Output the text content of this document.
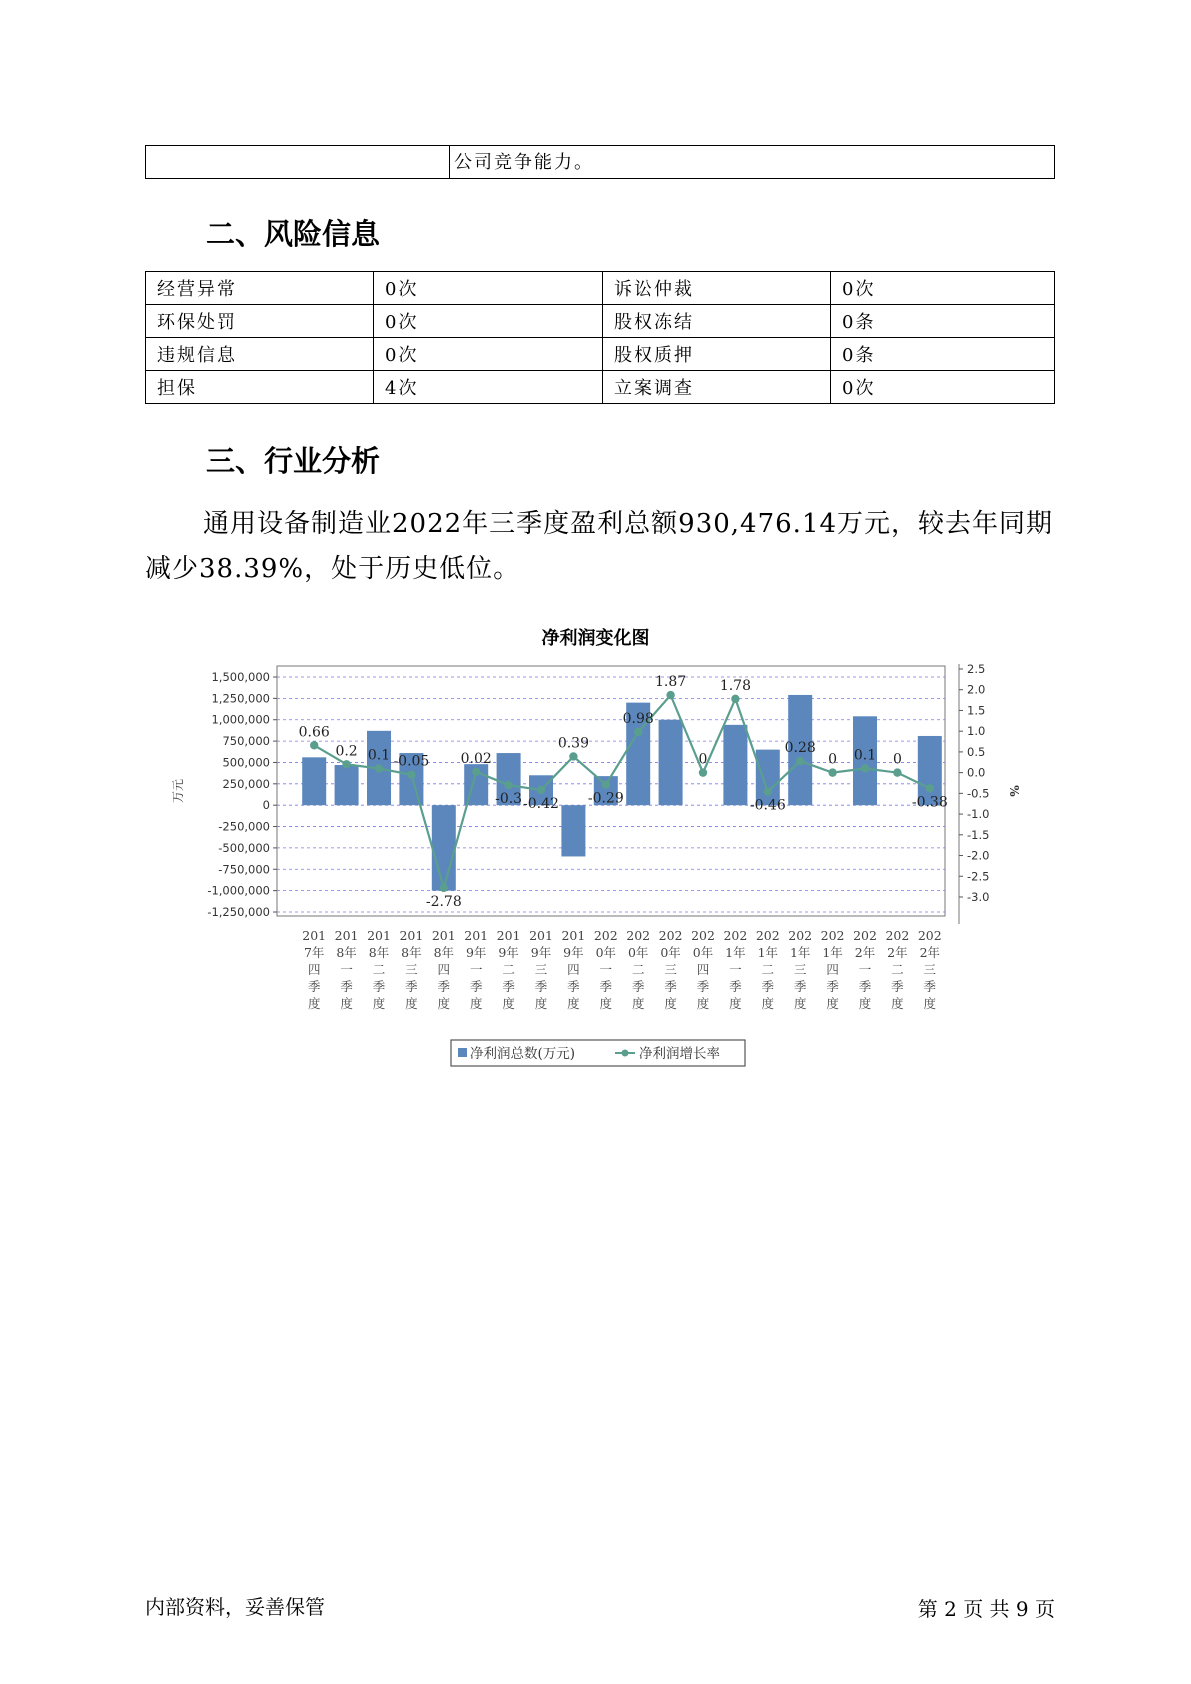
公司竞争能力。
二、风险信息
经营异常	0次	诉讼仲裁	0次
环保处罚	0次	股权冻结	0条
违规信息	0次	股权质押	0条
担保	4次	立案调查	0次
三、行业分析

通用设备制造业2022年三季度盈利总额930,476.14万元，较去年同期减少38.39%，处于历史低位。

净利润变化图
1,500,000
1,250,000
1,000,000
750,000
500,000
250,000
0
-250,000
-500,000
-750,000
-1,000,000
-1,250,000
2.5
2.0
1.5
1.0
0.5
0.0
-0.5
-1.0
-1.5
-2.0
-2.5
-3.0
万元	%
0.66
0.2 0.1 -0.05
-2.78
0.02
-0.3 -0.42
0.39
-0.29
0.98
1.87
0
1.78
-0.46
0.28
0 0.1 0
-0.38
201
7年
四
季
度
201
8年
一
季
度
201
8年
二
季
度
201
8年
三
季
度
201
8年
四
季
度
201
9年
一
季
度
201
9年
二
季
度
201
9年
三
季
度
201
9年
四
季
度
202
0年
一
季
度
202
0年
二
季
度
202
0年
三
季
度
202
0年
四
季
度
202
1年
一
季
度
202
1年
二
季
度
202
1年
三
季
度
202
1年
四
季
度
202
2年
一
季
度
202
2年
二
季
度
202
2年
三
季
度
净利润总数(万元)	净利润增长率
内部资料，妥善保管	第 2 页 共 9 页
